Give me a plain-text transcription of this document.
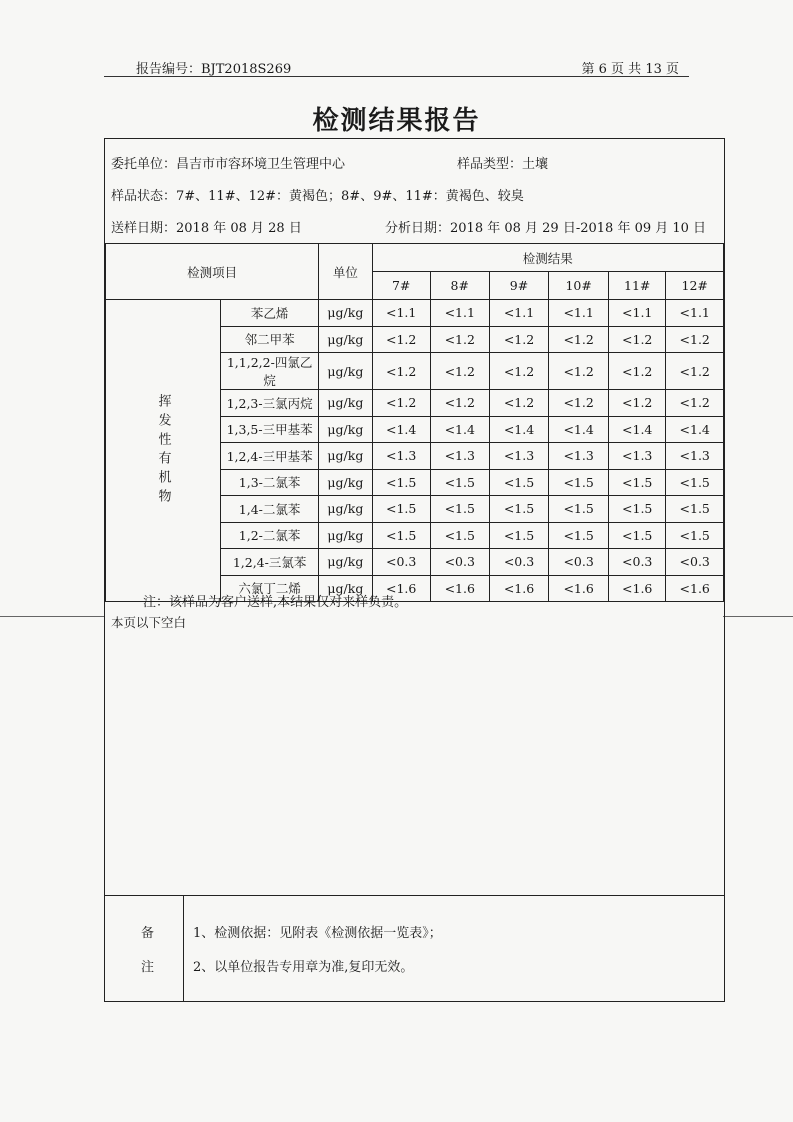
报告编号：BJT2018S269	第 6 页 共 13 页
检测结果报告
委托单位：昌吉市市容环境卫生管理中心	样品类型：土壤
样品状态：7#、11#、12#：黄褐色；8#、9#、11#：黄褐色、较臭
送样日期：2018 年 08 月 28 日	分析日期：2018 年 08 月 29 日-2018 年 09 月 10 日
检测项目		单位	检测结果					
			7#	8#	9#	10#	11#	12#
挥发性有机物	苯乙烯	μg/kg	<1.1	<1.1	<1.1	<1.1	<1.1	<1.1
	邻二甲苯	μg/kg	<1.2	<1.2	<1.2	<1.2	<1.2	<1.2
	1,1,2,2-四氯乙烷	μg/kg	<1.2	<1.2	<1.2	<1.2	<1.2	<1.2
	1,2,3-三氯丙烷	μg/kg	<1.2	<1.2	<1.2	<1.2	<1.2	<1.2
	1,3,5-三甲基苯	μg/kg	<1.4	<1.4	<1.4	<1.4	<1.4	<1.4
	1,2,4-三甲基苯	μg/kg	<1.3	<1.3	<1.3	<1.3	<1.3	<1.3
	1,3-二氯苯	μg/kg	<1.5	<1.5	<1.5	<1.5	<1.5	<1.5
	1,4-二氯苯	μg/kg	<1.5	<1.5	<1.5	<1.5	<1.5	<1.5
	1,2-二氯苯	μg/kg	<1.5	<1.5	<1.5	<1.5	<1.5	<1.5
	1,2,4-三氯苯	μg/kg	<0.3	<0.3	<0.3	<0.3	<0.3	<0.3
	六氯丁二烯	μg/kg	<1.6	<1.6	<1.6	<1.6	<1.6	<1.6
注：该样品为客户送样,本结果仅对来样负责。
本页以下空白
备
注
1、检测依据：见附表《检测依据一览表》；
2、以单位报告专用章为准,复印无效。
